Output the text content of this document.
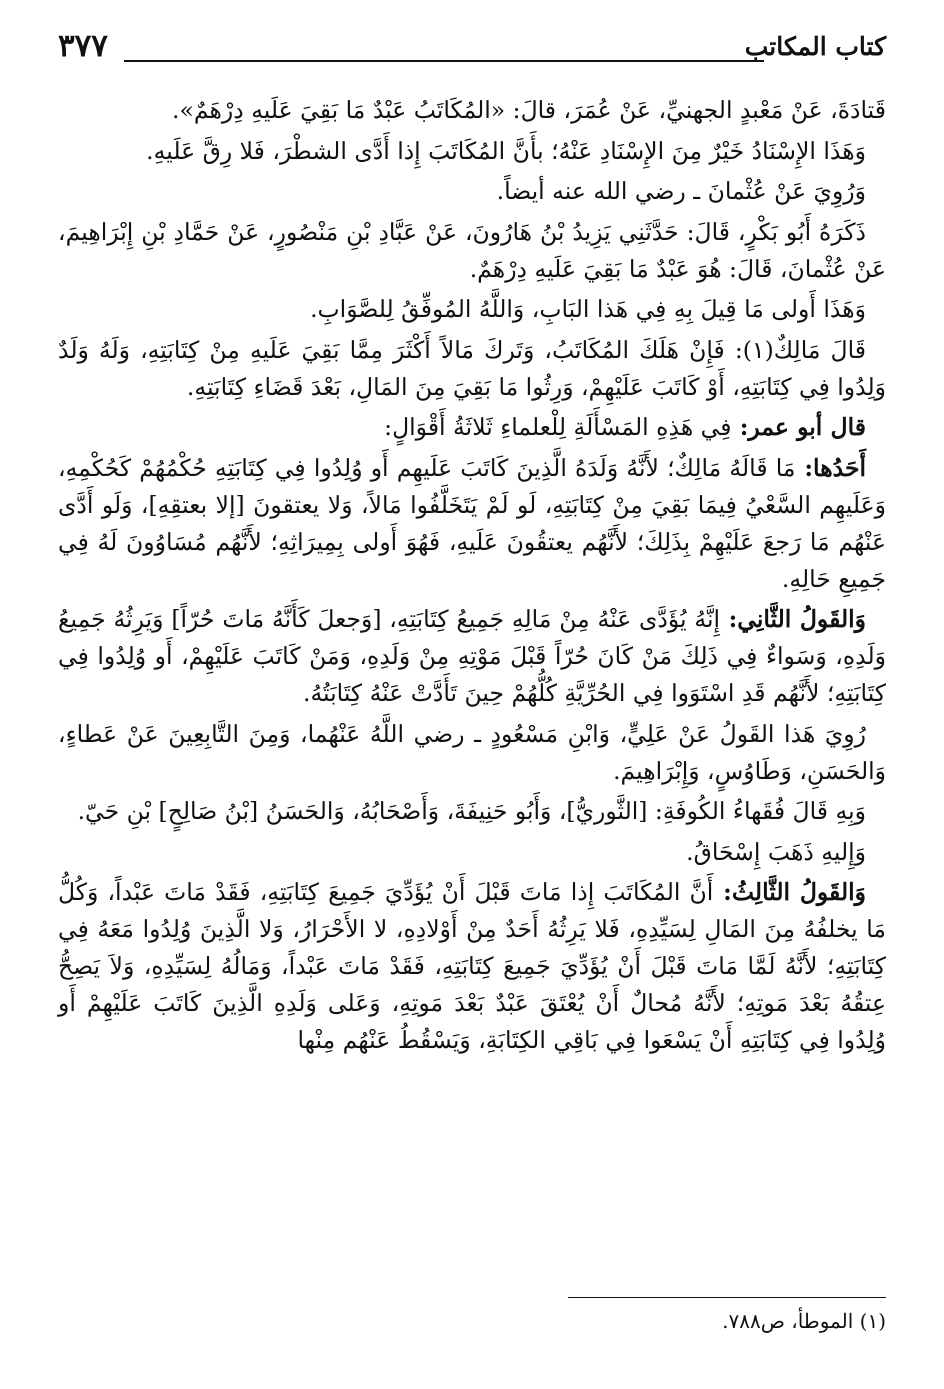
كتاب المكاتب
٣٧٧

قَتادَةَ، عَنْ مَعْبدٍ الجهنيِّ، عَنْ عُمَرَ، قالَ: «المُكَاتَبُ عَبْدٌ مَا بَقِيَ عَلَيهِ دِرْهَمٌ».

وَهَذَا الإِسْنَادُ خَيْرٌ مِنَ الإِسْنَادِ عَنْهُ؛ بأَنَّ المُكَاتَبَ إِذا أَدَّى الشطْرَ، فَلا رِقَّ عَلَيهِ.

وَرُوِيَ عَنْ عُثْمانَ ـ رضي الله عنه أيضاً.

ذَكَرَهُ أَبُو بَكْرٍ، قَالَ: حَدَّثَنِي يَزِيدُ بْنُ هَارُونَ، عَنْ عَبَّادِ بْنِ مَنْصُورٍ، عَنْ حَمَّادِ بْنِ إِبْرَاهِيمَ، عَنْ عُثْمانَ، قَالَ: هُوَ عَبْدٌ مَا بَقِيَ عَلَيهِ دِرْهَمٌ.

وَهَذَا أَولى مَا قِيلَ بِهِ فِي هَذا البَابِ، وَاللَّهُ المُوفِّقُ لِلصَّوَابِ.

قَالَ مَالِكٌ(١): فَإِنْ هَلَكَ المُكَاتَبُ، وَتَركَ مَالاً أَكْثَرَ مِمَّا بَقِيَ عَلَيهِ مِنْ كِتَابَتِهِ، وَلَهُ وَلَدٌ وَلِدُوا فِي كِتَابَتِهِ، أَوْ كَاتَبَ عَلَيْهِمْ، وَرِثُوا مَا بَقِيَ مِنَ المَالِ، بَعْدَ قَضَاءِ كِتَابَتِهِ.

قال أبو عمر: فِي هَذِهِ المَسْأَلَةِ لِلْعلماءِ ثَلاثَةُ أَقْوَالٍ:

أَحَدُها: مَا قَالَهُ مَالِكٌ؛ لأَنَّهُ وَلَدَهُ الَّذِينَ كَاتَبَ عَلَيهِم أَو وُلِدُوا فِي كِتَابَتِهِ حُكْمُهُمْ كَحُكْمِهِ، وَعَلَيهِم السَّعْيُ فِيمَا بَقِيَ مِنْ كِتَابَتِهِ، لَو لَمْ يَتَخَلَّفُوا مَالاً، وَلا يعتقونَ [إلا بعتقِهِ]، وَلَو أَدَّى عَنْهُم مَا رَجعَ عَلَيْهِمْ بِذَلِكَ؛ لأَنَّهُم يعتقُونَ عَلَيهِ، فَهُوَ أَولى بِمِيرَاثِهِ؛ لأَنَّهُم مُسَاوُونَ لَهُ فِي جَمِيعِ حَالِهِ.

وَالقَولُ الثَّانِي: إِنَّهُ يُؤَدَّى عَنْهُ مِنْ مَالِهِ جَمِيعُ كِتَابَتِهِ، [وَجعلَ كَأَنَّهُ مَاتَ حُرّاً] وَيَرِثُهُ جَمِيعُ وَلَدِهِ، وَسَواءٌ فِي ذَلِكَ مَنْ كَانَ حُرّاً قَبْلَ مَوْتِهِ مِنْ وَلَدِهِ، وَمَنْ كَاتَبَ عَلَيْهِمْ، أَو وُلِدُوا فِي كِتَابَتِهِ؛ لأَنَّهُم قَدِ اسْتَوَوا فِي الحُرِّيَّةِ كُلُّهُمْ حِينَ تَأَدَّتْ عَنْهُ كِتَابَتُهُ.

رُوِيَ هَذا القَولُ عَنْ عَلِيٍّ، وَابْنِ مَسْعُودٍ ـ رضي اللَّهُ عَنْهُما، وَمِنَ التَّابِعِينَ عَنْ عَطاءٍ، وَالحَسَنِ، وَطَاوُسٍ، وَإِبْرَاهِيمَ.

وَبِهِ قَالَ فُقَهاءُ الكُوفَةِ: [الثَّوريُّ]، وَأَبُو حَنِيفَةَ، وَأَصْحَابُهُ، وَالحَسَنُ [بْنُ صَالِحٍ] بْنِ حَيّ.

وَإِليهِ ذَهَبَ إِسْحَاقُ.

وَالقَولُ الثَّالِثُ: أَنَّ المُكَاتَبَ إِذا مَاتَ قَبْلَ أَنْ يُؤَدِّيَ جَمِيعَ كِتَابَتِهِ، فَقَدْ مَاتَ عَبْداً، وَكُلُّ مَا يخلفُهُ مِنَ المَالِ لِسَيِّدِهِ، فَلا يَرِثُهُ أَحَدٌ مِنْ أَوْلادِهِ، لا الأَحْرَارُ، وَلا الَّذِينَ وُلِدُوا مَعَهُ فِي كِتَابَتِهِ؛ لأَنَّهُ لَمَّا مَاتَ قَبْلَ أَنْ يُؤَدِّيَ جَمِيعَ كِتَابَتِهِ، فَقَدْ مَاتَ عَبْداً، وَمَالُهُ لِسَيِّدِهِ، وَلاَ يَصِحُّ عِتقُهُ بَعْدَ مَوتِهِ؛ لأَنَّهُ مُحالٌ أَنْ يُعْتَقَ عَبْدٌ بَعْدَ مَوتِهِ، وَعَلى وَلَدِهِ الَّذِينَ كَاتَبَ عَلَيْهِمْ أَو وُلِدُوا فِي كِتَابَتِهِ أَنْ يَسْعَوا فِي بَاقِي الكِتَابَةِ، وَيَسْقُطُ عَنْهُم مِنْها

(١) الموطأ، ص٧٨٨.
